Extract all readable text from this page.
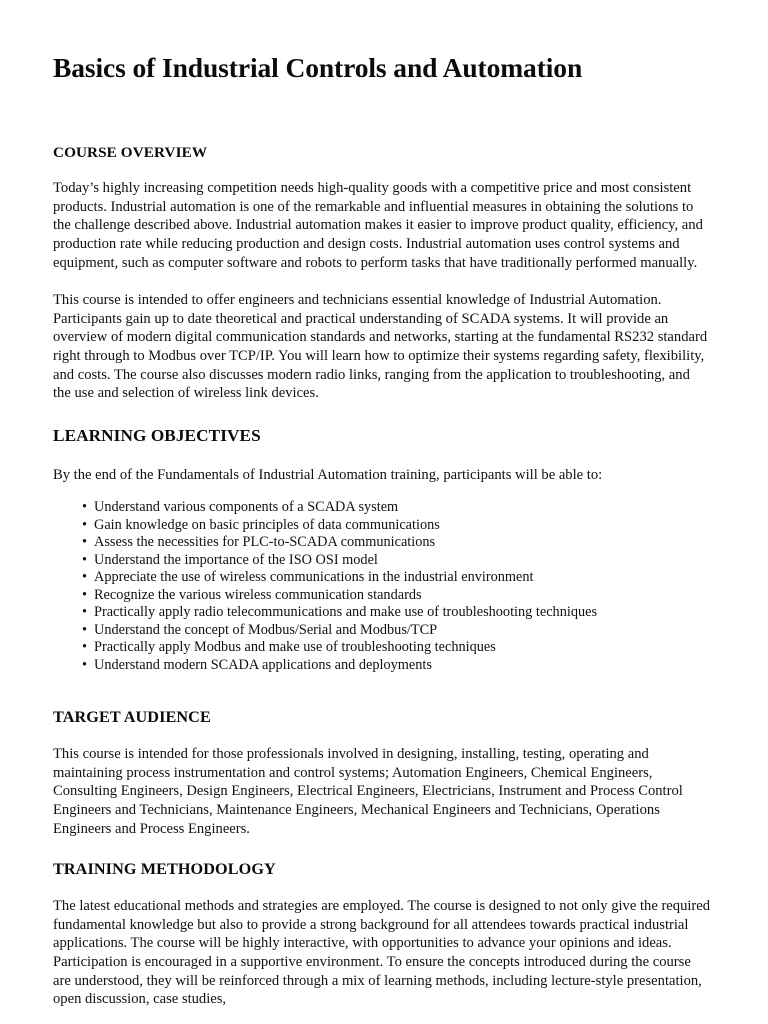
Basics of Industrial Controls and Automation
COURSE OVERVIEW

Today’s highly increasing competition needs high-quality goods with a competitive price and most consistent products. Industrial automation is one of the remarkable and influential measures in obtaining the solutions to the challenge described above. Industrial automation makes it easier to improve product quality, efficiency, and production rate while reducing production and design costs. Industrial automation uses control systems and equipment, such as computer software and robots to perform tasks that have traditionally performed manually.

This course is intended to offer engineers and technicians essential knowledge of Industrial Automation. Participants gain up to date theoretical and practical understanding of SCADA systems. It will provide an overview of modern digital communication standards and networks, starting at the fundamental RS232 standard right through to Modbus over TCP/IP. You will learn how to optimize their systems regarding safety, flexibility, and costs. The course also discusses modern radio links, ranging from the application to troubleshooting, and the use and selection of wireless link devices.

LEARNING OBJECTIVES

By the end of the Fundamentals of Industrial Automation training, participants will be able to:

• Understand various components of a SCADA system
• Gain knowledge on basic principles of data communications
• Assess the necessities for PLC-to-SCADA communications
• Understand the importance of the ISO OSI model
• Appreciate the use of wireless communications in the industrial environment
• Recognize the various wireless communication standards
• Practically apply radio telecommunications and make use of troubleshooting techniques
• Understand the concept of Modbus/Serial and Modbus/TCP
• Practically apply Modbus and make use of troubleshooting techniques
• Understand modern SCADA applications and deployments
TARGET AUDIENCE

This course is intended for those professionals involved in designing, installing, testing, operating and maintaining process instrumentation and control systems; Automation Engineers, Chemical Engineers, Consulting Engineers, Design Engineers, Electrical Engineers, Electricians, Instrument and Process Control Engineers and Technicians, Maintenance Engineers, Mechanical Engineers and Technicians, Operations Engineers and Process Engineers.

TRAINING METHODOLOGY

The latest educational methods and strategies are employed. The course is designed to not only give the required fundamental knowledge but also to provide a strong background for all attendees towards practical industrial applications. The course will be highly interactive, with opportunities to advance your opinions and ideas. Participation is encouraged in a supportive environment. To ensure the concepts introduced during the course are understood, they will be reinforced through a mix of learning methods, including lecture-style presentation, open discussion, case studies,
